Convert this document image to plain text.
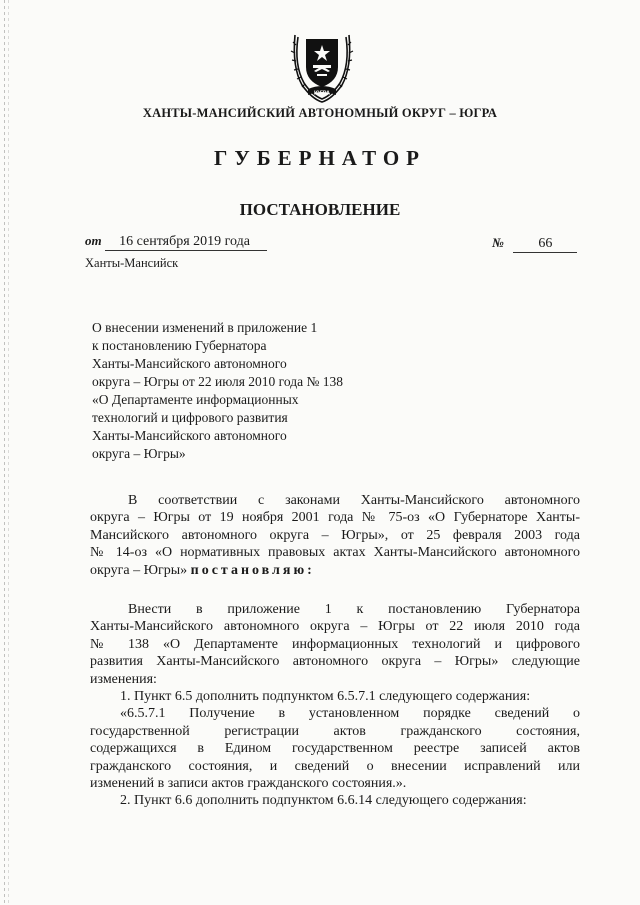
ЮГРА
ХАНТЫ-МАНСИЙСКИЙ АВТОНОМНЫЙ ОКРУГ – ЮГРА
ГУБЕРНАТОР
ПОСТАНОВЛЕНИЕ
от 16 сентября 2019 года	№ 66
Ханты-Мансийск
О внесении изменений в приложение 1
к постановлению Губернатора
Ханты-Мансийского автономного
округа – Югры от 22 июля 2010 года № 138
«О Департаменте информационных
технологий и цифрового развития
Ханты-Мансийского автономного
округа – Югры»
В соответствии с законами Ханты-Мансийского автономного
округа – Югры от 19 ноября 2001 года № 75-оз «О Губернаторе Ханты-
Мансийского автономного округа – Югры», от 25 февраля 2003 года
№ 14-оз «О нормативных правовых актах Ханты-Мансийского автономного
округа – Югры» постановляю:
Внести в приложение 1 к постановлению Губернатора
Ханты-Мансийского автономного округа – Югры от 22 июля 2010 года
№ 138 «О Департаменте информационных технологий и цифрового
развития Ханты-Мансийского автономного округа – Югры» следующие
изменения:
1. Пункт 6.5 дополнить подпунктом 6.5.7.1 следующего содержания:
«6.5.7.1 Получение в установленном порядке сведений о
государственной регистрации актов гражданского состояния,
содержащихся в Едином государственном реестре записей актов
гражданского состояния, и сведений о внесении исправлений или
изменений в записи актов гражданского состояния.».
2. Пункт 6.6 дополнить подпунктом 6.6.14 следующего содержания:
